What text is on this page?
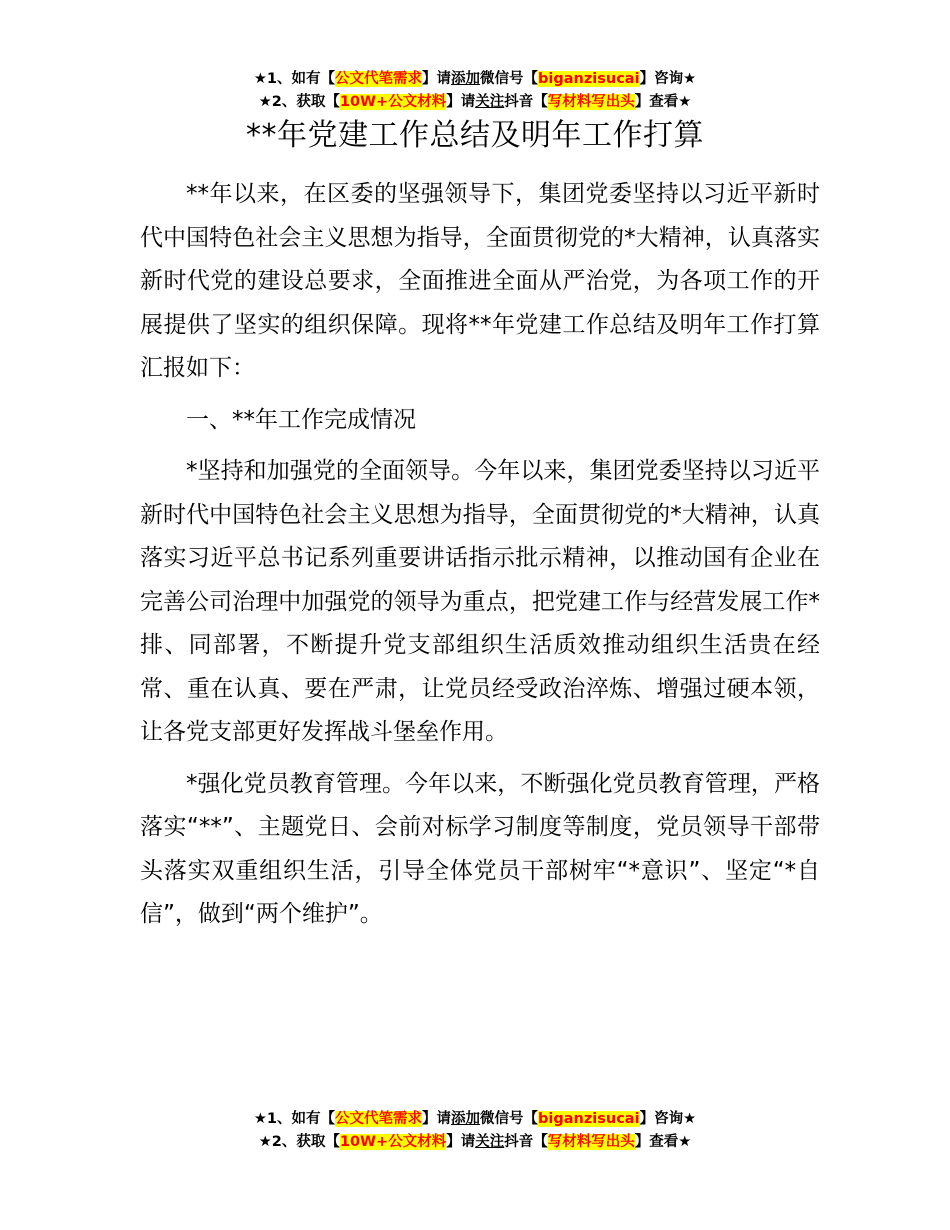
★1、如有【公文代笔需求】请添加微信号【biganzisucai】咨询★
★2、获取【10W+公文材料】请关注抖音【写材料写出头】查看★
**年党建工作总结及明年工作打算

**年以来，在区委的坚强领导下，集团党委坚持以习近平新时代中国特色社会主义思想为指导，全面贯彻党的*大精神，认真落实新时代党的建设总要求，全面推进全面从严治党，为各项工作的开展提供了坚实的组织保障。现将**年党建工作总结及明年工作打算汇报如下：

一、**年工作完成情况

*坚持和加强党的全面领导。今年以来，集团党委坚持以习近平新时代中国特色社会主义思想为指导，全面贯彻党的*大精神，认真落实习近平总书记系列重要讲话指示批示精神，以推动国有企业在完善公司治理中加强党的领导为重点，把党建工作与经营发展工作*排、同部署，不断提升党支部组织生活质效推动组织生活贵在经常、重在认真、要在严肃，让党员经受政治淬炼、增强过硬本领，让各党支部更好发挥战斗堡垒作用。

*强化党员教育管理。今年以来，不断强化党员教育管理，严格落实“**”、主题党日、会前对标学习制度等制度，党员领导干部带头落实双重组织生活，引导全体党员干部树牢“*意识”、坚定“*自信”，做到“两个维护”。

★1、如有【公文代笔需求】请添加微信号【biganzisucai】咨询★
★2、获取【10W+公文材料】请关注抖音【写材料写出头】查看★
